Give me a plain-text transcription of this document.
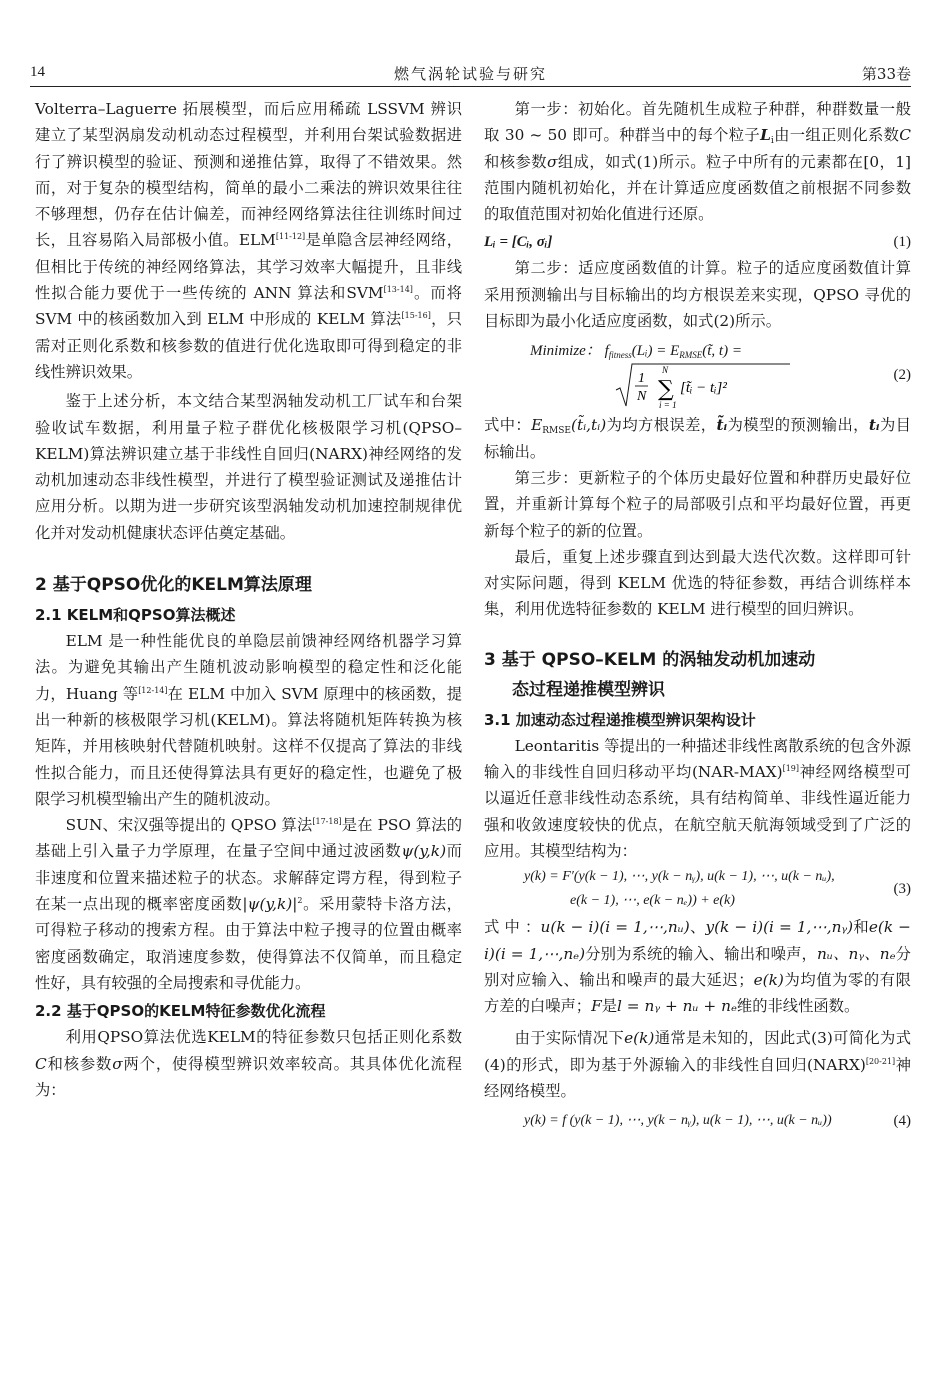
14	燃气涡轮试验与研究	第33卷

Volterra–Laguerre 拓展模型，而后应用稀疏 LSSVM 辨识建立了某型涡扇发动机动态过程模型，并利用台架试验数据进行了辨识模型的验证、预测和递推估算，取得了不错效果。然而，对于复杂的模型结构，简单的最小二乘法的辨识效果往往不够理想，仍存在估计偏差，而神经网络算法往往训练时间过长，且容易陷入局部极小值。ELM[11-12]是单隐含层神经网络，但相比于传统的神经网络算法，其学习效率大幅提升，且非线性拟合能力要优于一些传统的 ANN 算法和SVM[13-14]。而将 SVM 中的核函数加入到 ELM 中形成的 KELM 算法[15-16]，只需对正则化系数和核参数的值进行优化选取即可得到稳定的非线性辨识效果。

鉴于上述分析，本文结合某型涡轴发动机工厂试车和台架验收试车数据，利用量子粒子群优化核极限学习机(QPSO–KELM)算法辨识建立基于非线性自回归(NARX)神经网络的发动机加速动态非线性模型，并进行了模型验证测试及递推估计应用分析。以期为进一步研究该型涡轴发动机加速控制规律优化并对发动机健康状态评估奠定基础。

2 基于QPSO优化的KELM算法原理
2.1 KELM和QPSO算法概述

ELM 是一种性能优良的单隐层前馈神经网络机器学习算法。为避免其输出产生随机波动影响模型的稳定性和泛化能力，Huang 等[12-14]在 ELM 中加入 SVM 原理中的核函数，提出一种新的核极限学习机(KELM)。算法将随机矩阵转换为核矩阵，并用核映射代替随机映射。这样不仅提高了算法的非线性拟合能力，而且还使得算法具有更好的稳定性，也避免了极限学习机模型输出产生的随机波动。

SUN、宋汉强等提出的 QPSO 算法[17-18]是在 PSO 算法的基础上引入量子力学原理，在量子空间中通过波函数ψ(y,k)而非速度和位置来描述粒子的状态。求解薛定谔方程，得到粒子在某一点出现的概率密度函数$|\psi(y,k)|^2$。采用蒙特卡洛方法，可得粒子移动的搜索方程。由于算法中粒子搜寻的位置由概率密度函数确定，取消速度参数，使得算法不仅简单，而且稳定性好，具有较强的全局搜索和寻优能力。

2.2 基于QPSO的KELM特征参数优化流程

利用QPSO算法优选KELM的特征参数只包括正则化系数C和核参数σ两个，使得模型辨识效率较高。其具体优化流程为：

第一步：初始化。首先随机生成粒子种群，种群数量一般取 30 ~ 50 即可。种群当中的每个粒子$L_i$由一组正则化系数C和核参数σ组成，如式(1)所示。粒子中所有的元素都在[0，1]范围内随机初始化，并在计算适应度函数值之前根据不同参数的取值范围对初始化值进行还原。

Lᵢ = [Cᵢ, σᵢ]	(1)

第二步：适应度函数值的计算。粒子的适应度函数值计算采用预测输出与目标输出的均方根误差来实现，QPSO 寻优的目标即为最小化适应度函数，如式(2)所示。

Minimize： $f_{fitness}(Lᵢ)$ = $E_{RMSE}(t̃$, t) =
1
N ∑
N
i = 1
[t̃ᵢ − tᵢ]²
(2)

式中：$E_{RMSE}(t̃ᵢ,tᵢ)$为均方根误差，t̃ᵢ为模型的预测输出，tᵢ为目标输出。

第三步：更新粒子的个体历史最好位置和种群历史最好位置，并重新计算每个粒子的局部吸引点和平均最好位置，再更新每个粒子的新的位置。

最后，重复上述步骤直到达到最大迭代次数。这样即可针对实际问题，得到 KELM 优选的特征参数，再结合训练样本集，利用优选特征参数的 KELM 进行模型的回归辨识。

3 基于 QPSO–KELM 的涡轴发动机加速动
态过程递推模型辨识
3.1 加速动态过程递推模型辨识架构设计

Leontaritis 等提出的一种描述非线性离散系统的包含外源输入的非线性自回归移动平均(NAR-MAX)[19]神经网络模型可以逼近任意非线性动态系统，具有结构简单、非线性逼近能力强和收敛速度较快的优点，在航空航天航海领域受到了广泛的应用。其模型结构为：

y(k) = F′(y(k − 1), ⋯, y(k − nᵧ), u(k − 1), ⋯, u(k − nᵤ),
e(k − 1), ⋯, e(k − nₑ)) + e(k)
(3)

式 中 ：u(k − i)(i = 1,⋯,nᵤ)、y(k − i)(i = 1,⋯,nᵧ)和e(k − i)(i = 1,⋯,nₑ)分别为系统的输入、输出和噪声，nᵤ、nᵧ、nₑ分别对应输入、输出和噪声的最大延迟；e(k)为均值为零的有限方差的白噪声；F是l = nᵧ + nᵤ + nₑ维的非线性函数。

由于实际情况下e(k)通常是未知的，因此式(3)可简化为式(4)的形式，即为基于外源输入的非线性自回归(NARX)[20-21]神经网络模型。

y(k) = f (y(k − 1), ⋯, y(k − nᵧ), u(k − 1), ⋯, u(k − nᵤ))	(4)
